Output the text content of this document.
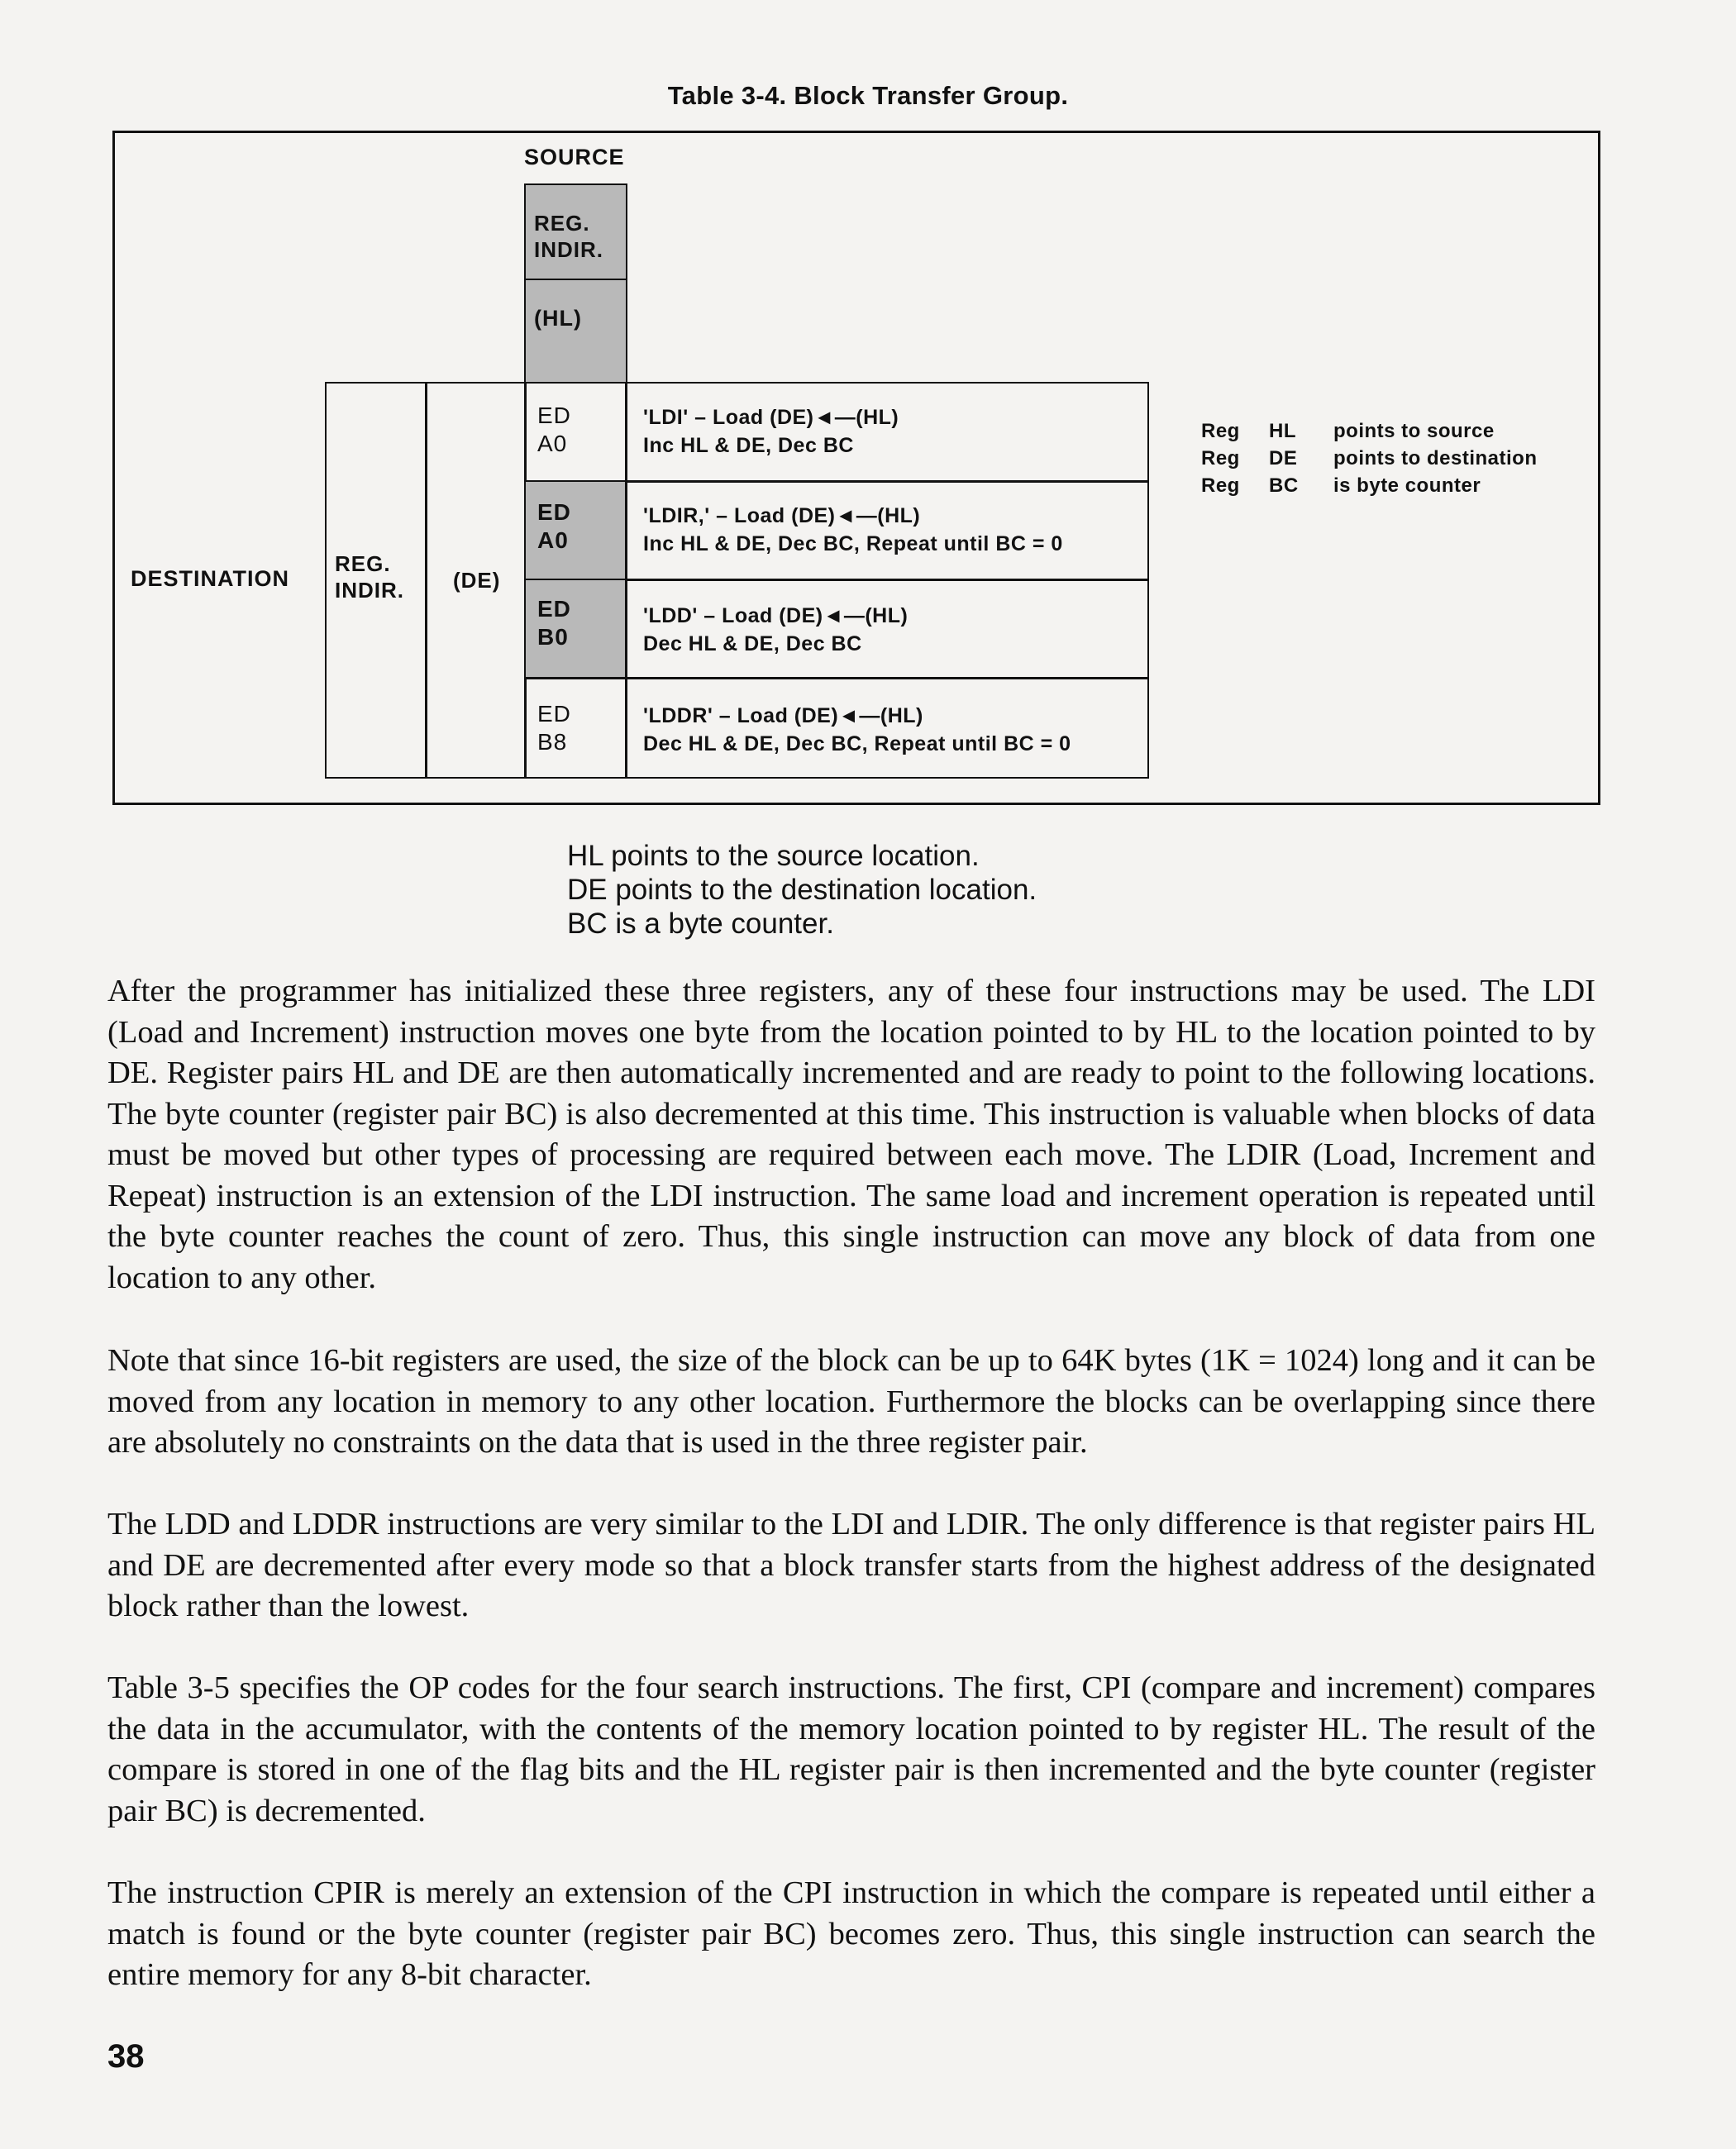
Table 3-4. Block Transfer Group.
SOURCE
REG. INDIR.
(HL)
DESTINATION
REG. INDIR.	(DE)
ED
A0
'LDI' – Load (DE)◄—(HL)
Inc HL & DE, Dec BC
ED
A0
'LDIR,' – Load (DE)◄—(HL)
Inc HL & DE, Dec BC, Repeat until BC = 0
ED
B0
'LDD' – Load (DE)◄—(HL)
Dec HL & DE, Dec BC
ED
B8
'LDDR' – Load (DE)◄—(HL)
Dec HL & DE, Dec BC, Repeat until BC = 0
Reg HL points to source
Reg DE points to destination
Reg BC is byte counter
HL points to the source location.
DE points to the destination location.
BC is a byte counter.
After the programmer has initialized these three registers, any of these four instructions may be used. The LDI (Load and Increment) instruction moves one byte from the location pointed to by HL to the location pointed to by DE. Register pairs HL and DE are then automatically incremented and are ready to point to the following locations. The byte counter (register pair BC) is also decremented at this time. This instruction is valuable when blocks of data must be moved but other types of processing are required between each move. The LDIR (Load, Increment and Repeat) instruction is an extension of the LDI instruction. The same load and increment operation is repeated until the byte counter reaches the count of zero. Thus, this single instruction can move any block of data from one location to any other.
Note that since 16-bit registers are used, the size of the block can be up to 64K bytes (1K = 1024) long and it can be moved from any location in memory to any other location. Furthermore the blocks can be overlapping since there are absolutely no constraints on the data that is used in the three register pair.
The LDD and LDDR instructions are very similar to the LDI and LDIR. The only difference is that register pairs HL and DE are decremented after every mode so that a block transfer starts from the highest address of the designated block rather than the lowest.
Table 3-5 specifies the OP codes for the four search instructions. The first, CPI (compare and increment) compares the data in the accumulator, with the contents of the memory location pointed to by register HL. The result of the compare is stored in one of the flag bits and the HL register pair is then incremented and the byte counter (register pair BC) is decremented.
The instruction CPIR is merely an extension of the CPI instruction in which the compare is repeated until either a match is found or the byte counter (register pair BC) becomes zero. Thus, this single instruction can search the entire memory for any 8-bit character.
38
